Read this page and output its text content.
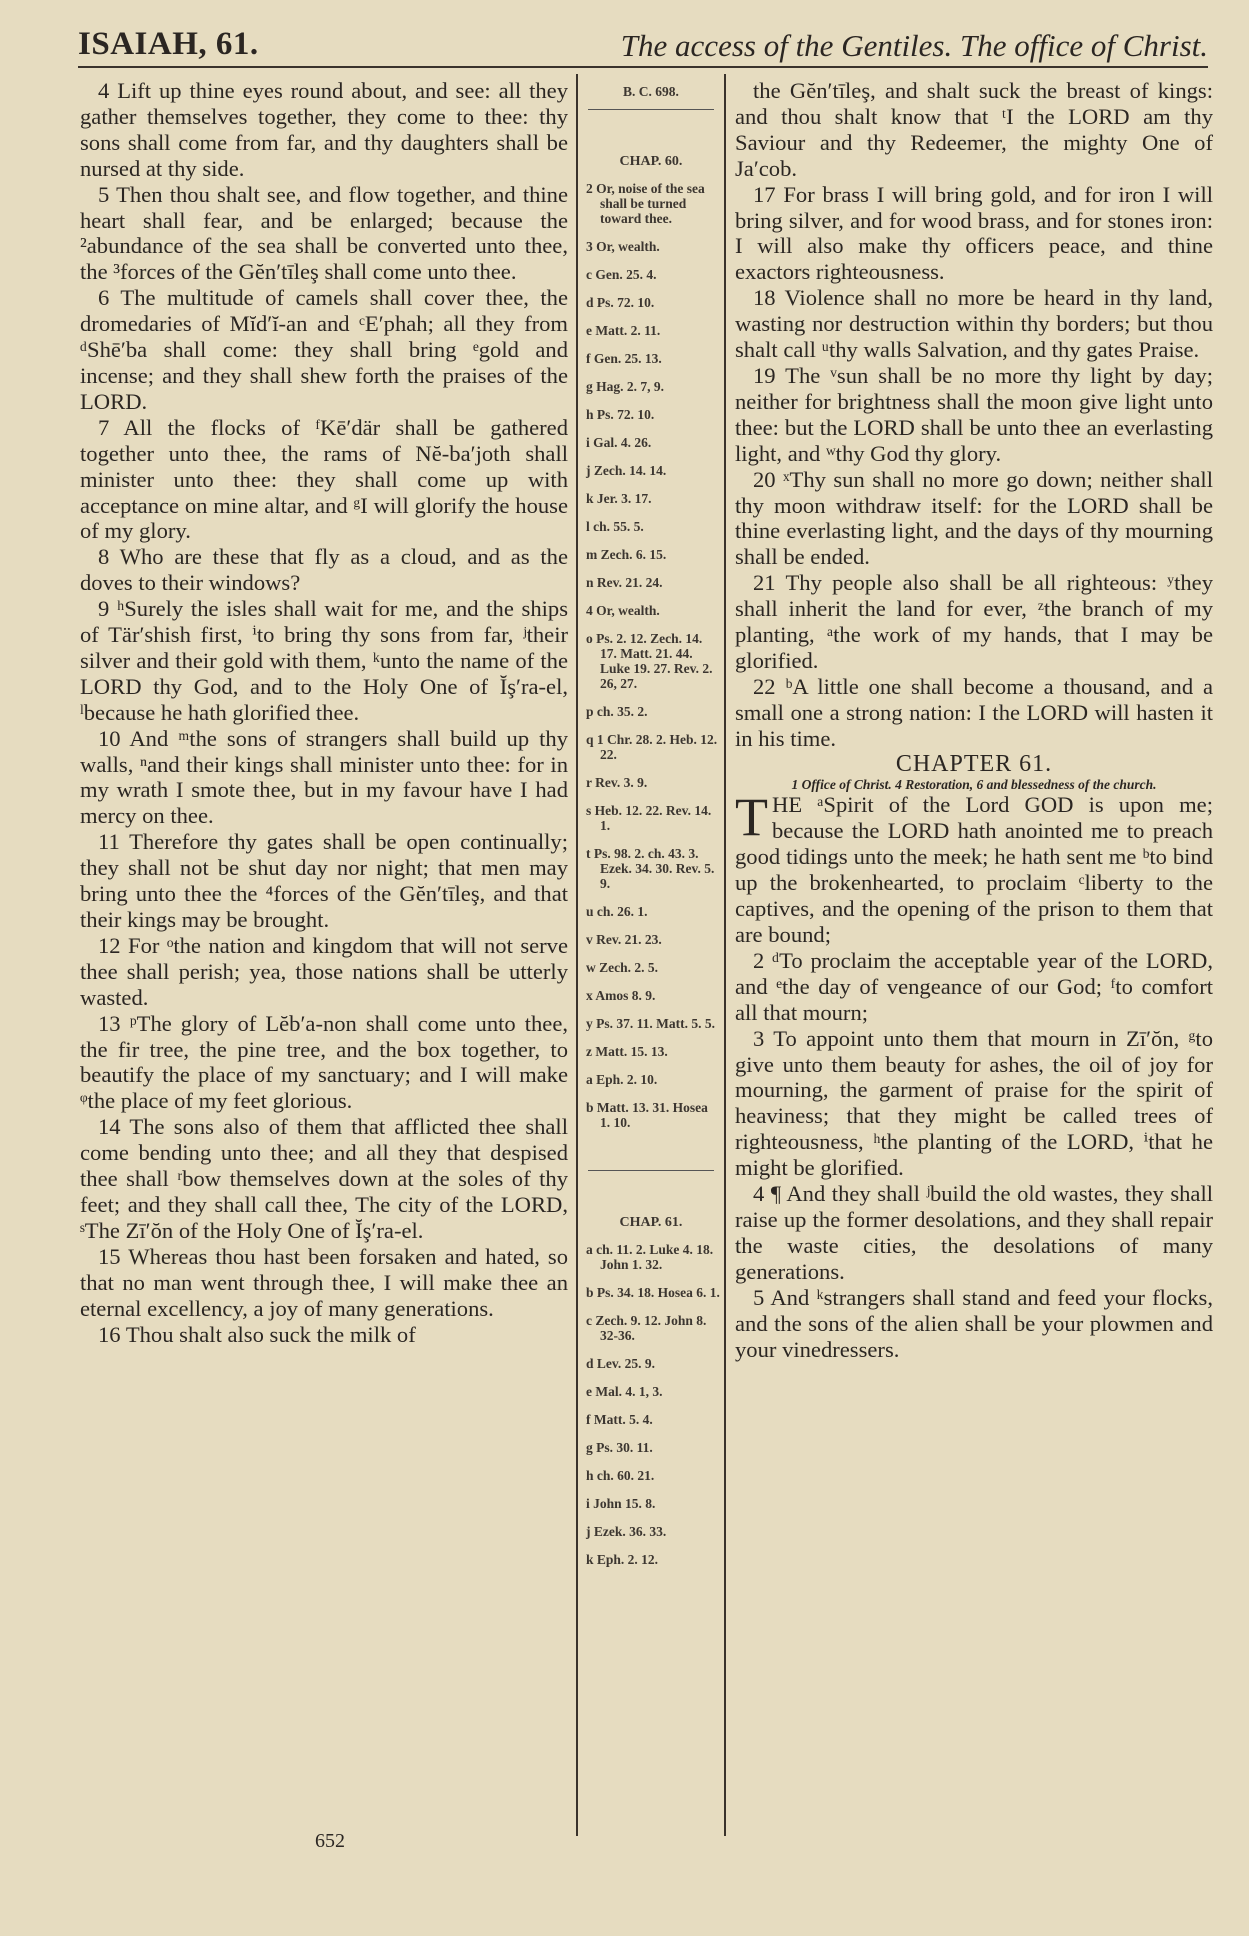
ISAIAH, 61.	The access of the Gentiles. The office of Christ.

4 Lift up thine eyes round about, and see: all they gather themselves together, they come to thee: thy sons shall come from far, and thy daughters shall be nursed at thy side.

5 Then thou shalt see, and flow together, and thine heart shall fear, and be enlarged; because the ²abundance of the sea shall be converted unto thee, the ³forces of the Gĕn′tīleş shall come unto thee.

6 The multitude of camels shall cover thee, the dromedaries of Mĭd′ĭ-an and ᶜE′phah; all they from ᵈShē′ba shall come: they shall bring ᵉgold and incense; and they shall shew forth the praises of the LORD.

7 All the flocks of ᶠKē′där shall be gathered together unto thee, the rams of Nĕ-ba′joth shall minister unto thee: they shall come up with acceptance on mine altar, and ᵍI will glorify the house of my glory.

8 Who are these that fly as a cloud, and as the doves to their windows?

9 ʰSurely the isles shall wait for me, and the ships of Tär′shish first, ⁱto bring thy sons from far, ʲtheir silver and their gold with them, ᵏunto the name of the LORD thy God, and to the Holy One of Ĭş′ra-el, ˡbecause he hath glorified thee.

10 And ᵐthe sons of strangers shall build up thy walls, ⁿand their kings shall minister unto thee: for in my wrath I smote thee, but in my favour have I had mercy on thee.

11 Therefore thy gates shall be open continually; they shall not be shut day nor night; that men may bring unto thee the ⁴forces of the Gĕn′tīleş, and that their kings may be brought.

12 For ᵒthe nation and kingdom that will not serve thee shall perish; yea, those nations shall be utterly wasted.

13 ᵖThe glory of Lĕb′a-non shall come unto thee, the fir tree, the pine tree, and the box together, to beautify the place of my sanctuary; and I will make ᵠthe place of my feet glorious.

14 The sons also of them that afflicted thee shall come bending unto thee; and all they that despised thee shall ʳbow themselves down at the soles of thy feet; and they shall call thee, The city of the LORD, ˢThe Zī′ŏn of the Holy One of Ĭş′ra-el.

15 Whereas thou hast been forsaken and hated, so that no man went through thee, I will make thee an eternal excellency, a joy of many generations.

16 Thou shalt also suck the milk of

B. C. 698.
CHAP. 60.
2 Or, noise of the sea shall be turned toward thee.
3 Or, wealth.
c Gen. 25. 4.
d Ps. 72. 10.
e Matt. 2. 11.
f Gen. 25. 13.
g Hag. 2. 7, 9.
h Ps. 72. 10.
i Gal. 4. 26.
j Zech. 14. 14.
k Jer. 3. 17.
l ch. 55. 5.
m Zech. 6. 15.
n Rev. 21. 24.
4 Or, wealth.
o Ps. 2. 12. Zech. 14. 17. Matt. 21. 44. Luke 19. 27. Rev. 2. 26, 27.
p ch. 35. 2.
q 1 Chr. 28. 2. Heb. 12. 22.
r Rev. 3. 9.
s Heb. 12. 22. Rev. 14. 1.
t Ps. 98. 2. ch. 43. 3. Ezek. 34. 30. Rev. 5. 9.
u ch. 26. 1.
v Rev. 21. 23.
w Zech. 2. 5.
x Amos 8. 9.
y Ps. 37. 11. Matt. 5. 5.
z Matt. 15. 13.
a Eph. 2. 10.
b Matt. 13. 31. Hosea 1. 10.
CHAP. 61.
a ch. 11. 2. Luke 4. 18. John 1. 32.
b Ps. 34. 18. Hosea 6. 1.
c Zech. 9. 12. John 8. 32-36.
d Lev. 25. 9.
e Mal. 4. 1, 3.
f Matt. 5. 4.
g Ps. 30. 11.
h ch. 60. 21.
i John 15. 8.
j Ezek. 36. 33.
k Eph. 2. 12.

the Gĕn′tīleş, and shalt suck the breast of kings: and thou shalt know that ᵗI the LORD am thy Saviour and thy Redeemer, the mighty One of Ja′cob.

17 For brass I will bring gold, and for iron I will bring silver, and for wood brass, and for stones iron: I will also make thy officers peace, and thine exactors righteousness.

18 Violence shall no more be heard in thy land, wasting nor destruction within thy borders; but thou shalt call ᵘthy walls Salvation, and thy gates Praise.

19 The ᵛsun shall be no more thy light by day; neither for brightness shall the moon give light unto thee: but the LORD shall be unto thee an everlasting light, and ʷthy God thy glory.

20 ˣThy sun shall no more go down; neither shall thy moon withdraw itself: for the LORD shall be thine everlasting light, and the days of thy mourning shall be ended.

21 Thy people also shall be all righteous: ʸthey shall inherit the land for ever, ᶻthe branch of my planting, ᵃthe work of my hands, that I may be glorified.

22 ᵇA little one shall become a thousand, and a small one a strong nation: I the LORD will hasten it in his time.

CHAPTER 61.

1 Office of Christ. 4 Restoration, 6 and blessedness of the church.

THE ᵃSpirit of the Lord GOD is upon me; because the LORD hath anointed me to preach good tidings unto the meek; he hath sent me ᵇto bind up the brokenhearted, to proclaim ᶜliberty to the captives, and the opening of the prison to them that are bound;

2 ᵈTo proclaim the acceptable year of the LORD, and ᵉthe day of vengeance of our God; ᶠto comfort all that mourn;

3 To appoint unto them that mourn in Zī′ŏn, ᵍto give unto them beauty for ashes, the oil of joy for mourning, the garment of praise for the spirit of heaviness; that they might be called trees of righteousness, ʰthe planting of the LORD, ⁱthat he might be glorified.

4 ¶ And they shall ʲbuild the old wastes, they shall raise up the former desolations, and they shall repair the waste cities, the desolations of many generations.

5 And ᵏstrangers shall stand and feed your flocks, and the sons of the alien shall be your plowmen and your vinedressers.

652
